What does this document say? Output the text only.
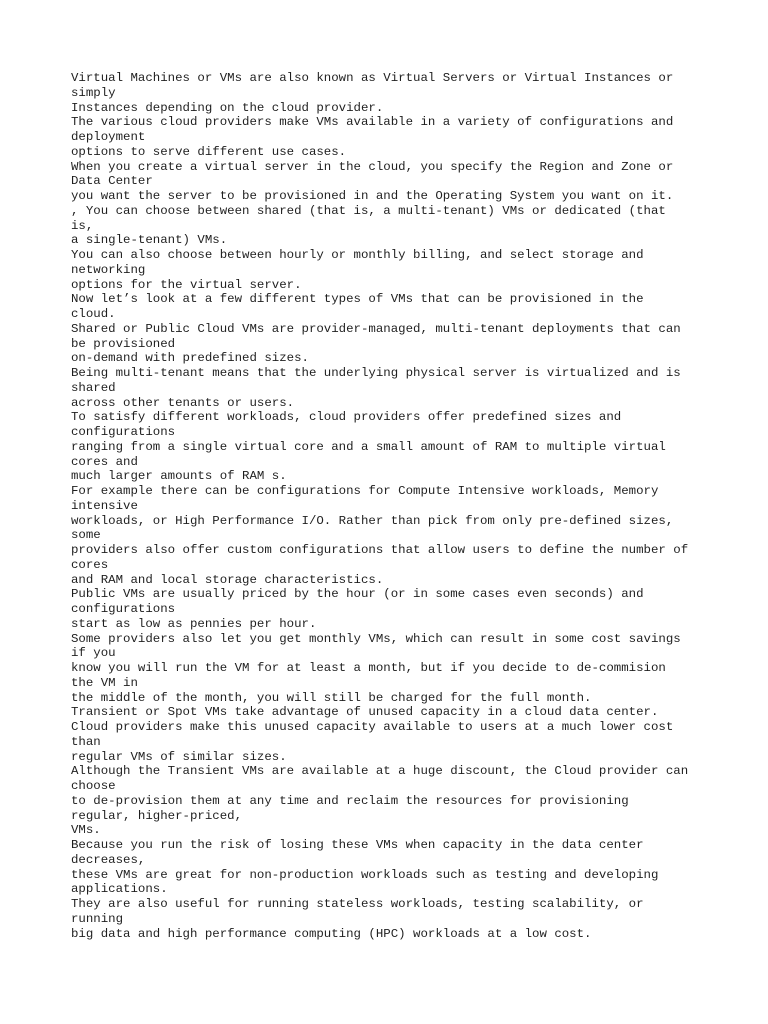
Virtual Machines or VMs are also known as Virtual Servers or Virtual Instances or
simply
Instances depending on the cloud provider.
The various cloud providers make VMs available in a variety of configurations and
deployment
options to serve different use cases.
When you create a virtual server in the cloud, you specify the Region and Zone or
Data Center
you want the server to be provisioned in and the Operating System you want on it.
, You can choose between shared (that is, a multi-tenant) VMs or dedicated (that
is,
a single-tenant) VMs.
You can also choose between hourly or monthly billing, and select storage and
networking
options for the virtual server.
Now let’s look at a few different types of VMs that can be provisioned in the
cloud.
Shared or Public Cloud VMs are provider-managed, multi-tenant deployments that can
be provisioned
on-demand with predefined sizes.
Being multi-tenant means that the underlying physical server is virtualized and is
shared
across other tenants or users.
To satisfy different workloads, cloud providers offer predefined sizes and
configurations
ranging from a single virtual core and a small amount of RAM to multiple virtual
cores and
much larger amounts of RAM s.
For example there can be configurations for Compute Intensive workloads, Memory
intensive
workloads, or High Performance I/O. Rather than pick from only pre-defined sizes,
some
providers also offer custom configurations that allow users to define the number of
cores
and RAM and local storage characteristics.
Public VMs are usually priced by the hour (or in some cases even seconds) and
configurations
start as low as pennies per hour.
Some providers also let you get monthly VMs, which can result in some cost savings
if you
know you will run the VM for at least a month, but if you decide to de-commision
the VM in
the middle of the month, you will still be charged for the full month.
Transient or Spot VMs take advantage of unused capacity in a cloud data center.
Cloud providers make this unused capacity available to users at a much lower cost
than
regular VMs of similar sizes.
Although the Transient VMs are available at a huge discount, the Cloud provider can
choose
to de-provision them at any time and reclaim the resources for provisioning
regular, higher-priced,
VMs.
Because you run the risk of losing these VMs when capacity in the data center
decreases,
these VMs are great for non-production workloads such as testing and developing
applications.
They are also useful for running stateless workloads, testing scalability, or
running
big data and high performance computing (HPC) workloads at a low cost.
